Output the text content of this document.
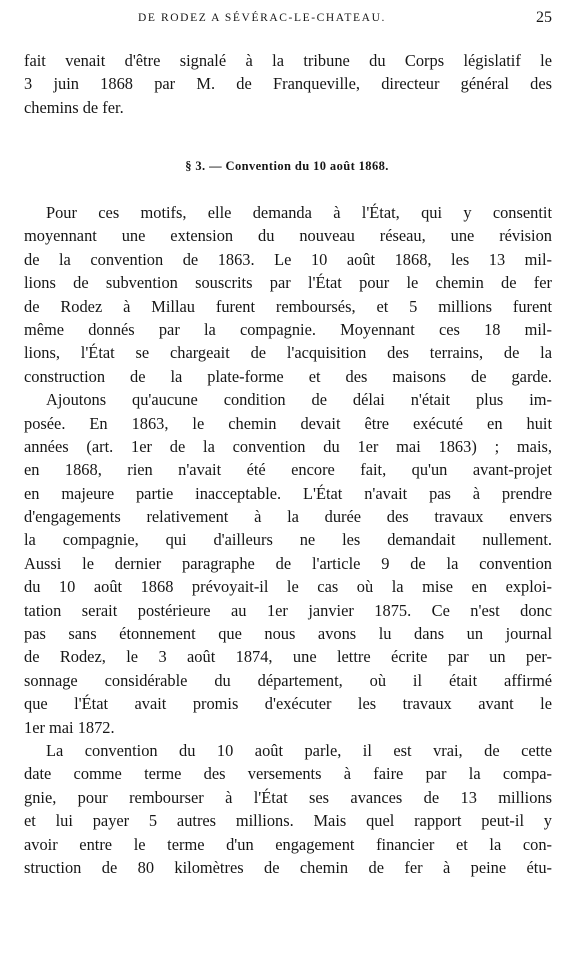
DE RODEZ A SÉVÉRAC-LE-CHATEAU.	25
fait venait d'être signalé à la tribune du Corps législatif le
3 juin 1868 par M. de Franqueville, directeur général des
chemins de fer.
§ 3. — Convention du 10 août 1868.
Pour ces motifs, elle demanda à l'État, qui y consentit
moyennant une extension du nouveau réseau, une révision
de la convention de 1863. Le 10 août 1868, les 13 mil-
lions de subvention souscrits par l'État pour le chemin de fer
de Rodez à Millau furent remboursés, et 5 millions furent
même donnés par la compagnie. Moyennant ces 18 mil-
lions, l'État se chargeait de l'acquisition des terrains, de la
construction de la plate-forme et des maisons de garde.
Ajoutons qu'aucune condition de délai n'était plus im-
posée. En 1863, le chemin devait être exécuté en huit
années (art. 1er de la convention du 1er mai 1863) ; mais,
en 1868, rien n'avait été encore fait, qu'un avant-projet
en majeure partie inacceptable. L'État n'avait pas à prendre
d'engagements relativement à la durée des travaux envers
la compagnie, qui d'ailleurs ne les demandait nullement.
Aussi le dernier paragraphe de l'article 9 de la convention
du 10 août 1868 prévoyait-il le cas où la mise en exploi-
tation serait postérieure au 1er janvier 1875. Ce n'est donc
pas sans étonnement que nous avons lu dans un journal
de Rodez, le 3 août 1874, une lettre écrite par un per-
sonnage considérable du département, où il était affirmé
que l'État avait promis d'exécuter les travaux avant le
1er mai 1872.
La convention du 10 août parle, il est vrai, de cette
date comme terme des versements à faire par la compa-
gnie, pour rembourser à l'État ses avances de 13 millions
et lui payer 5 autres millions. Mais quel rapport peut-il y
avoir entre le terme d'un engagement financier et la con-
struction de 80 kilomètres de chemin de fer à peine étu-
